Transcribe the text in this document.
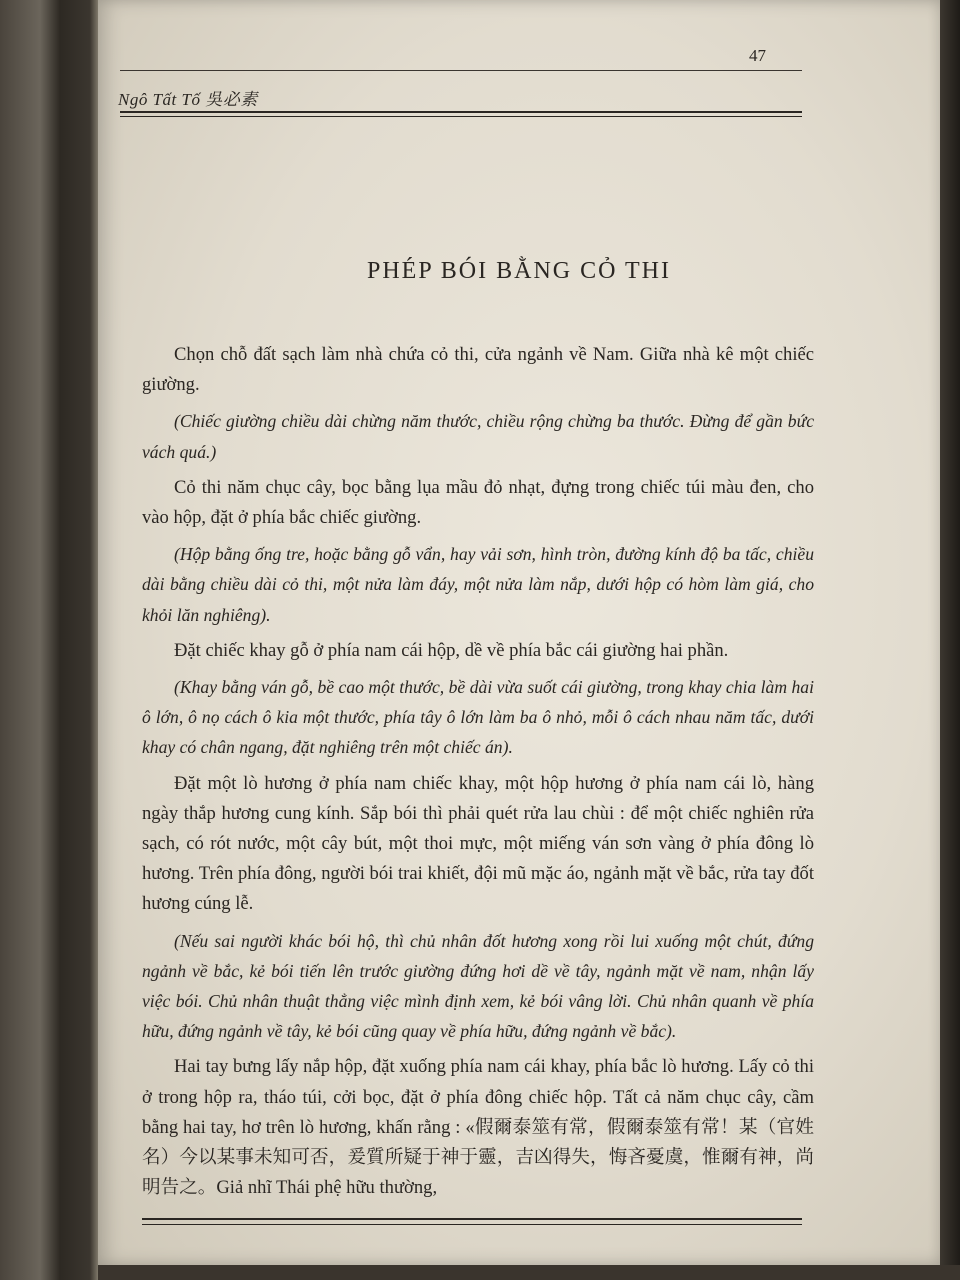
47
Ngô Tất Tố 吳必素
PHÉP BÓI BẰNG CỎ THI

Chọn chỗ đất sạch làm nhà chứa cỏ thi, cửa ngảnh về Nam. Giữa nhà kê một chiếc giường.

(Chiếc giường chiều dài chừng năm thước, chiều rộng chừng ba thước. Đừng để gần bức vách quá.)

Cỏ thi năm chục cây, bọc bằng lụa mầu đỏ nhạt, đựng trong chiếc túi màu đen, cho vào hộp, đặt ở phía bắc chiếc giường.

(Hộp bằng ống tre, hoặc bằng gỗ vẩn, hay vải sơn, hình tròn, đường kính độ ba tấc, chiều dài bằng chiều dài cỏ thi, một nửa làm đáy, một nửa làm nắp, dưới hộp có hòm làm giá, cho khỏi lăn nghiêng).

Đặt chiếc khay gỗ ở phía nam cái hộp, dề về phía bắc cái giường hai phần.

(Khay bằng ván gỗ, bề cao một thước, bề dài vừa suốt cái giường, trong khay chia làm hai ô lớn, ô nọ cách ô kia một thước, phía tây ô lớn làm ba ô nhỏ, mỗi ô cách nhau năm tấc, dưới khay có chân ngang, đặt nghiêng trên một chiếc án).

Đặt một lò hương ở phía nam chiếc khay, một hộp hương ở phía nam cái lò, hàng ngày thắp hương cung kính. Sắp bói thì phải quét rửa lau chùi : để một chiếc nghiên rửa sạch, có rót nước, một cây bút, một thoi mực, một miếng ván sơn vàng ở phía đông lò hương. Trên phía đông, người bói trai khiết, đội mũ mặc áo, ngảnh mặt về bắc, rửa tay đốt hương cúng lễ.

(Nếu sai người khác bói hộ, thì chủ nhân đốt hương xong rồi lui xuống một chút, đứng ngảnh về bắc, kẻ bói tiến lên trước giường đứng hơi dề về tây, ngảnh mặt về nam, nhận lấy việc bói. Chủ nhân thuật thẳng việc mình định xem, kẻ bói vâng lời. Chủ nhân quanh về phía hữu, đứng ngảnh về tây, kẻ bói cũng quay về phía hữu, đứng ngảnh về bắc).

Hai tay bưng lấy nắp hộp, đặt xuống phía nam cái khay, phía bắc lò hương. Lấy cỏ thi ở trong hộp ra, tháo túi, cởi bọc, đặt ở phía đông chiếc hộp. Tất cả năm chục cây, cầm bằng hai tay, hơ trên lò hương, khấn rằng : «假爾泰筮有常，假爾泰筮有常！某（官姓名）今以某事未知可否，爰質所疑于神于靈，吉凶得失，悔吝憂虞，惟爾有神，尚明告之。Giả nhĩ Thái phệ hữu thường,
